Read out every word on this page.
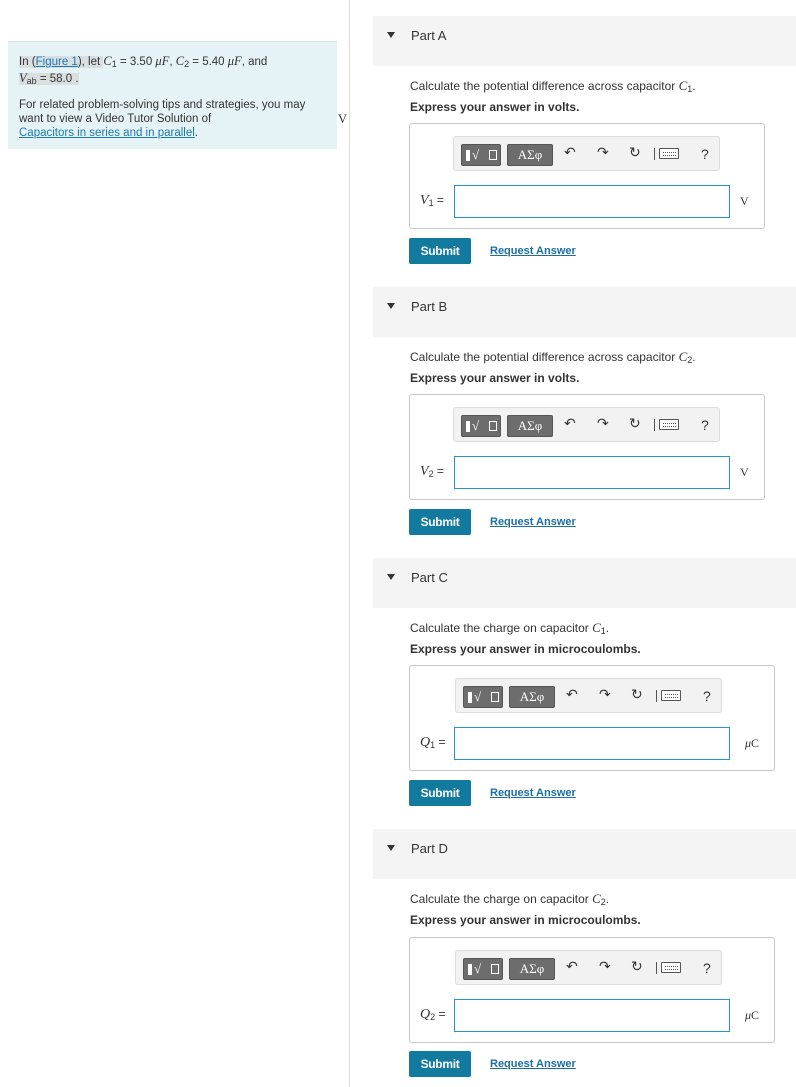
In (Figure 1), let $C_1 = 3.50$ μF, $C_2 = 5.40$ μF, and
$V_{ab} = 58.0$
V
.

For related problem-solving tips and strategies, you may want to view a Video Tutor Solution of
Capacitors in series and in parallel.

Part A
Calculate the potential difference across capacitor $C_1$.
Express your answer in volts.
√	ΑΣφ	↶ ↷ ↻	?
$V_1$ =	V
Submit	Request Answer
Part B
Calculate the potential difference across capacitor $C_2$.
Express your answer in volts.
√	ΑΣφ	↶ ↷ ↻	?
$V_2$ =	V
Submit	Request Answer
Part C
Calculate the charge on capacitor $C_1$.
Express your answer in microcoulombs.
√	ΑΣφ	↶ ↷ ↻	?
$Q_1$ =	μC
Submit	Request Answer
Part D
Calculate the charge on capacitor $C_2$.
Express your answer in microcoulombs.
√	ΑΣφ	↶ ↷ ↻	?
$Q_2$ =	μC
Submit	Request Answer
